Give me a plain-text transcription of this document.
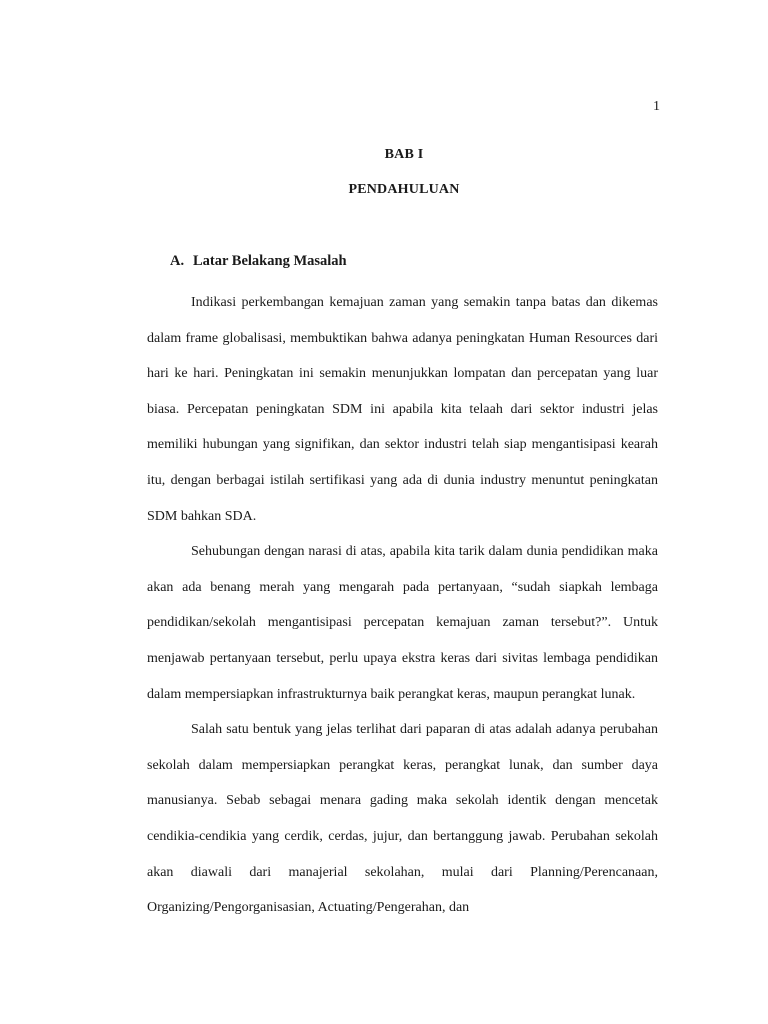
1
BAB I
PENDAHULUAN
A. Latar Belakang Masalah

Indikasi perkembangan kemajuan zaman yang semakin tanpa batas dan dikemas dalam frame globalisasi, membuktikan bahwa adanya peningkatan Human Resources dari hari ke hari. Peningkatan ini semakin menunjukkan lompatan dan percepatan yang luar biasa. Percepatan peningkatan SDM ini apabila kita telaah dari sektor industri jelas memiliki hubungan yang signifikan, dan sektor industri telah siap mengantisipasi kearah itu, dengan berbagai istilah sertifikasi yang ada di dunia industry menuntut peningkatan SDM bahkan SDA.

Sehubungan dengan narasi di atas, apabila kita tarik dalam dunia pendidikan maka akan ada benang merah yang mengarah pada pertanyaan, “sudah siapkah lembaga pendidikan/sekolah mengantisipasi percepatan kemajuan zaman tersebut?”. Untuk menjawab pertanyaan tersebut, perlu upaya ekstra keras dari sivitas lembaga pendidikan dalam mempersiapkan infrastrukturnya baik perangkat keras, maupun perangkat lunak.

Salah satu bentuk yang jelas terlihat dari paparan di atas adalah adanya perubahan sekolah dalam mempersiapkan perangkat keras, perangkat lunak, dan sumber daya manusianya. Sebab sebagai menara gading maka sekolah identik dengan mencetak cendikia-cendikia yang cerdik, cerdas, jujur, dan bertanggung jawab. Perubahan sekolah akan diawali dari manajerial sekolahan, mulai dari Planning/Perencanaan, Organizing/Pengorganisasian, Actuating/Pengerahan, dan
